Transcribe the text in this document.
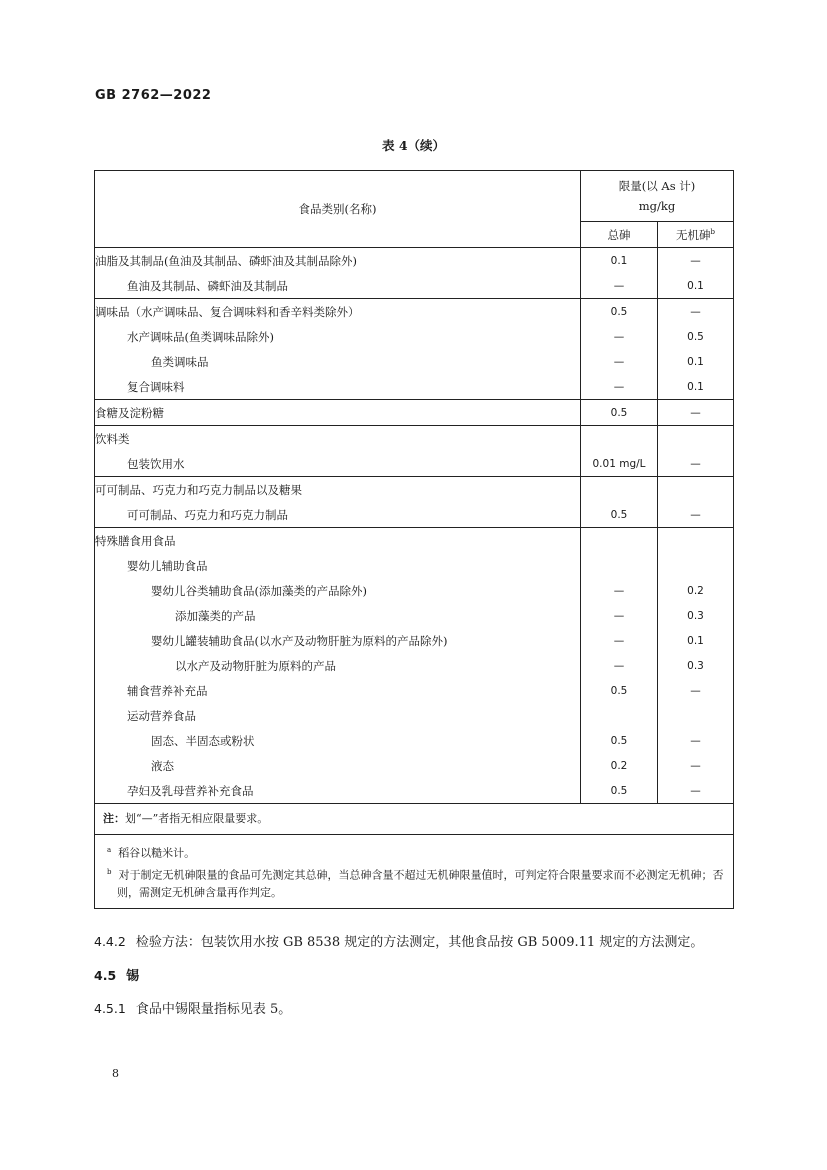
GB 2762—2022
表 4（续）
食品类别(名称)	限量(以 As 计)
mg/kg	

	总砷	无机砷$^b$
油脂及其制品(鱼油及其制品、磷虾油及其制品除外)	0.1	—
鱼油及其制品、磷虾油及其制品	—	0.1
调味品（水产调味品、复合调味料和香辛料类除外）	0.5	—
水产调味品(鱼类调味品除外)	—	0.5
鱼类调味品	—	0.1
复合调味料	—	0.1
食糖及淀粉糖	0.5	—
饮料类		
包装饮用水	0.01 mg/L	—
可可制品、巧克力和巧克力制品以及糖果		
可可制品、巧克力和巧克力制品	0.5	—
特殊膳食用食品		
婴幼儿辅助食品		
婴幼儿谷类辅助食品(添加藻类的产品除外)	—	0.2
添加藻类的产品	—	0.3
婴幼儿罐装辅助食品(以水产及动物肝脏为原料的产品除外)	—	0.1
以水产及动物肝脏为原料的产品	—	0.3
辅食营养补充品	0.5	—
运动营养食品		
固态、半固态或粉状	0.5	—
液态	0.2	—
孕妇及乳母营养补充食品	0.5	—
注：划“—”者指无相应限量要求。		

$^a$ 稻谷以糙米计。
$^b$ 对于制定无机砷限量的食品可先测定其总砷，当总砷含量不超过无机砷限量值时，可判定符合限量要求而不必测定无机砷；否则，需测定无机砷含量再作判定。		
4.4.2 检验方法：包装饮用水按 GB 8538 规定的方法测定，其他食品按 GB 5009.11 规定的方法测定。
4.5 锡
4.5.1 食品中锡限量指标见表 5。
8
